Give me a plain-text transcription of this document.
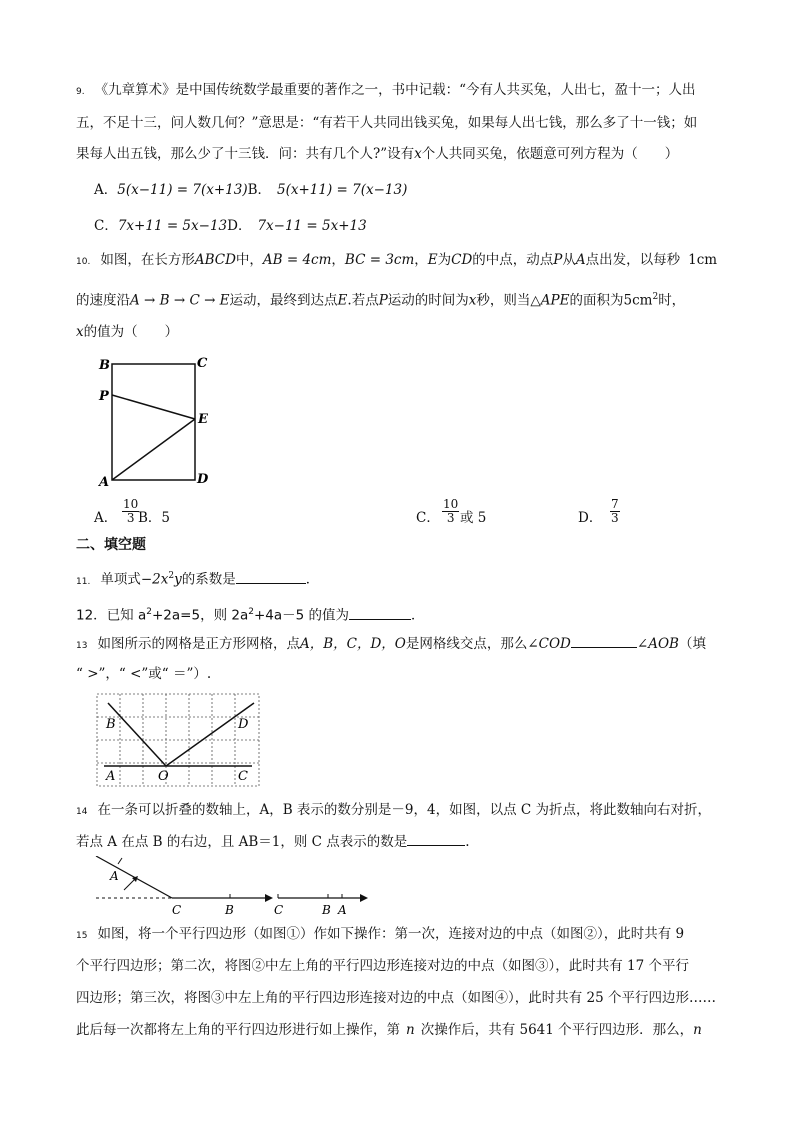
9. 《九章算术》是中国传统数学最重要的著作之一，书中记载：“今有人共买兔，人出七，盈十一；人出
五，不足十三，问人数几何？”意思是：“有若干人共同出钱买兔，如果每人出七钱，那么多了十一钱；如
果每人出五钱，那么少了十三钱．问：共有几个人?”设有x个人共同买兔，依题意可列方程为（　　）
A．5(x−11) = 7(x+13)B． 5(x+11) = 7(x−13)
C．7x+11 = 5x−13D． 7x−11 = 5x+13
10. 如图，在长方形ABCD中，AB = 4cm，BC = 3cm，E为CD的中点，动点P从A点出发，以每秒 1cm
的速度沿A → B → C → E运动，最终到达点E.若点P运动的时间为x秒，则当△APE的面积为$5cm^2$时，
x的值为（　　）
B	C
P
E
A	D
A． $\frac{10}{3}$
B．5	C． $\frac{10}{3}$ 或 5	D． $\frac{7}{3}$
二、填空题
11. 单项式$-2x^2y$的系数是	．
12．已知 $a^2+2a=5$，则 $2a^2+4a-5$ 的值为	．
13 如图所示的网格是正方形网格，点A，B，C，D，O是网格线交点，那么∠COD	∠AOB（填
“ >”，“ <”或“ ＝”）.
B	D
A	O	C
14 在一条可以折叠的数轴上，A，B 表示的数分别是－9，4，如图，以点 C 为折点，将此数轴向右对折，
若点 A 在点 B 的右边，且 AB＝1，则 C 点表示的数是	.
A
C	B	C	B A
15 如图，将一个平行四边形（如图①）作如下操作：第一次，连接对边的中点（如图②），此时共有 9
个平行四边形；第二次，将图②中左上角的平行四边形连接对边的中点（如图③），此时共有 17 个平行
四边形；第三次，将图③中左上角的平行四边形连接对边的中点（如图④），此时共有 25 个平行四边形……
此后每一次都将左上角的平行四边形进行如上操作，第 n 次操作后，共有 5641 个平行四边形．那么，n
